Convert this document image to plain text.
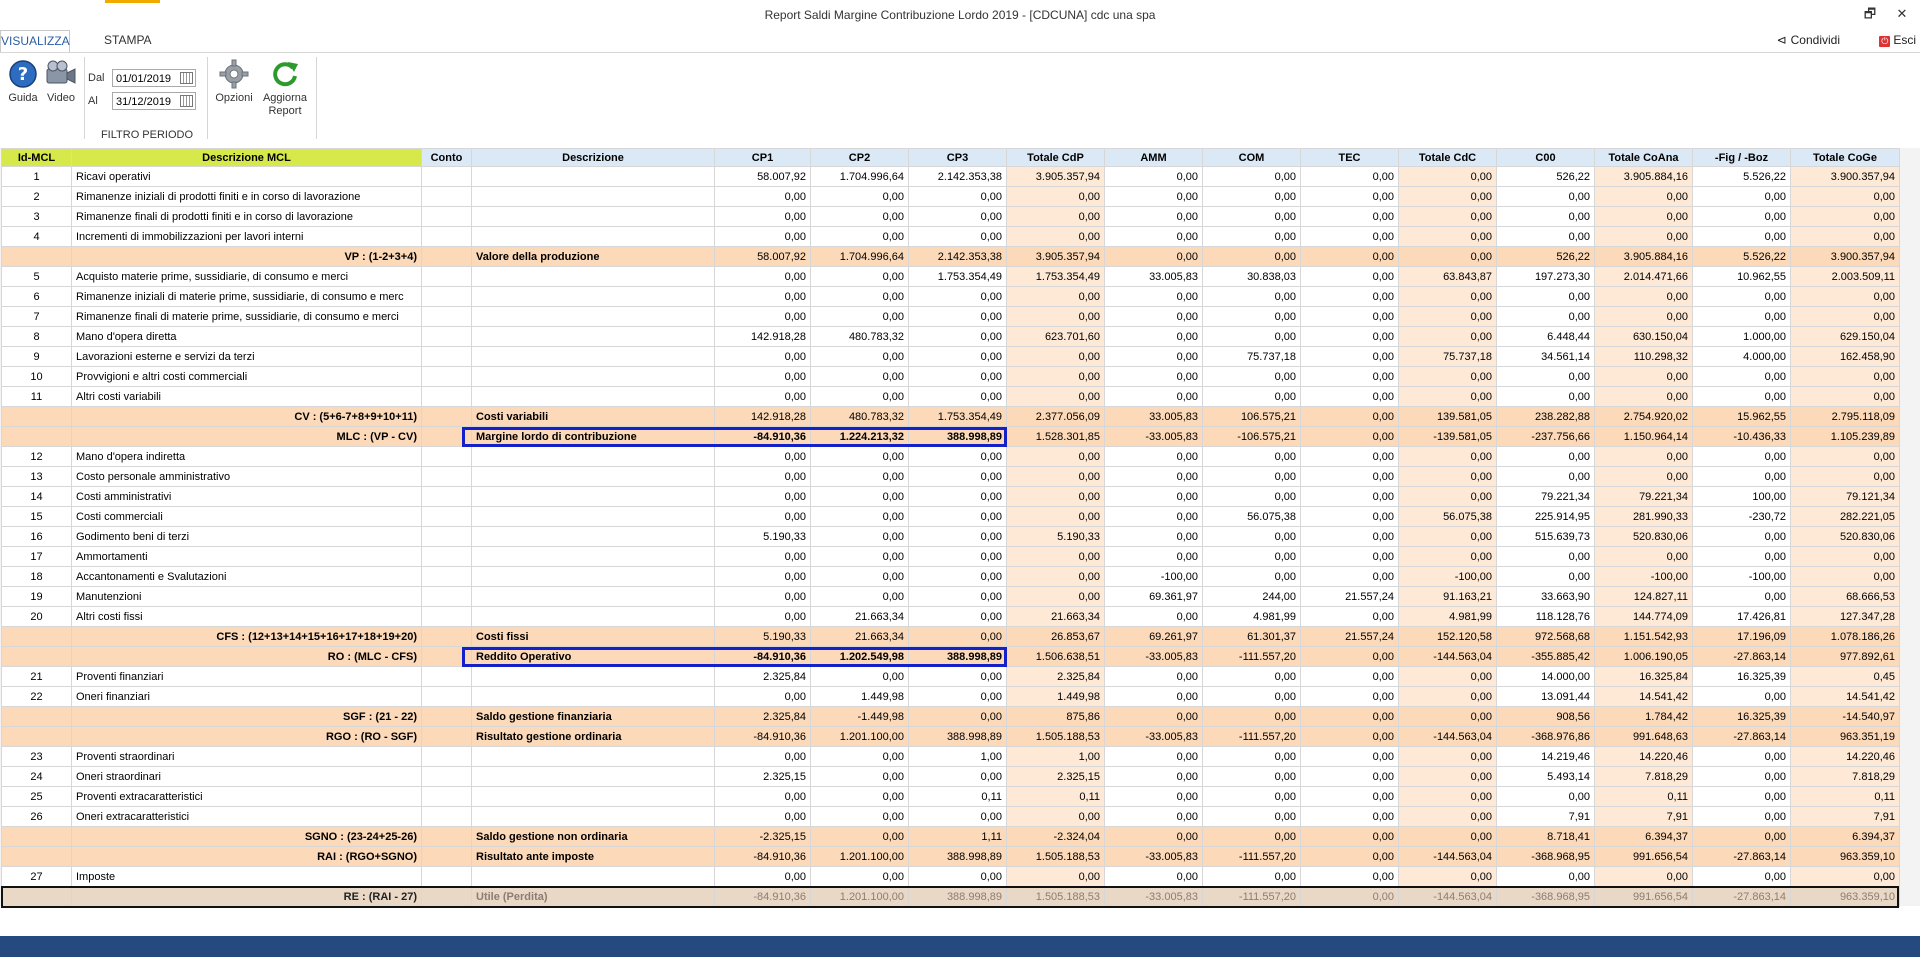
Report Saldi Margine Contribuzione Lordo 2019 - [CDCUNA] cdc una spa	🗗	✕
VISUALIZZA	STAMPA	⊲ Condividi	⏻ Esci
?
Guida Video
Dal	01/01/2019
Al	31/12/2019
FILTRO PERIODO
Opzioni Aggiorna
Report
Id-MCL	Descrizione MCL	Conto	Descrizione	CP1	CP2	CP3	Totale CdP	AMM	COM	TEC	Totale CdC	C00	Totale CoAna	-Fig / -Boz	Totale CoGe
1	Ricavi operativi			58.007,92	1.704.996,64	2.142.353,38	3.905.357,94	0,00	0,00	0,00	0,00	526,22	3.905.884,16	5.526,22	3.900.357,94
2	Rimanenze iniziali di prodotti finiti e in corso di lavorazione			0,00	0,00	0,00	0,00	0,00	0,00	0,00	0,00	0,00	0,00	0,00	0,00
3	Rimanenze finali di prodotti finiti e in corso di lavorazione			0,00	0,00	0,00	0,00	0,00	0,00	0,00	0,00	0,00	0,00	0,00	0,00
4	Incrementi di immobilizzazioni per lavori interni			0,00	0,00	0,00	0,00	0,00	0,00	0,00	0,00	0,00	0,00	0,00	0,00
	VP : (1-2+3+4)		Valore della produzione	58.007,92	1.704.996,64	2.142.353,38	3.905.357,94	0,00	0,00	0,00	0,00	526,22	3.905.884,16	5.526,22	3.900.357,94
5	Acquisto materie prime, sussidiarie, di consumo e merci			0,00	0,00	1.753.354,49	1.753.354,49	33.005,83	30.838,03	0,00	63.843,87	197.273,30	2.014.471,66	10.962,55	2.003.509,11
6	Rimanenze iniziali di materie prime, sussidiarie, di consumo e merc			0,00	0,00	0,00	0,00	0,00	0,00	0,00	0,00	0,00	0,00	0,00	0,00
7	Rimanenze finali di materie prime, sussidiarie, di consumo e merci			0,00	0,00	0,00	0,00	0,00	0,00	0,00	0,00	0,00	0,00	0,00	0,00
8	Mano d'opera diretta			142.918,28	480.783,32	0,00	623.701,60	0,00	0,00	0,00	0,00	6.448,44	630.150,04	1.000,00	629.150,04
9	Lavorazioni esterne e servizi da terzi			0,00	0,00	0,00	0,00	0,00	75.737,18	0,00	75.737,18	34.561,14	110.298,32	4.000,00	162.458,90
10	Provvigioni e altri costi commerciali			0,00	0,00	0,00	0,00	0,00	0,00	0,00	0,00	0,00	0,00	0,00	0,00
11	Altri costi variabili			0,00	0,00	0,00	0,00	0,00	0,00	0,00	0,00	0,00	0,00	0,00	0,00
	CV : (5+6-7+8+9+10+11)		Costi variabili	142.918,28	480.783,32	1.753.354,49	2.377.056,09	33.005,83	106.575,21	0,00	139.581,05	238.282,88	2.754.920,02	15.962,55	2.795.118,09
	MLC : (VP - CV)		Margine lordo di contribuzione	-84.910,36	1.224.213,32	388.998,89	1.528.301,85	-33.005,83	-106.575,21	0,00	-139.581,05	-237.756,66	1.150.964,14	-10.436,33	1.105.239,89
12	Mano d'opera indiretta			0,00	0,00	0,00	0,00	0,00	0,00	0,00	0,00	0,00	0,00	0,00	0,00
13	Costo personale amministrativo			0,00	0,00	0,00	0,00	0,00	0,00	0,00	0,00	0,00	0,00	0,00	0,00
14	Costi amministrativi			0,00	0,00	0,00	0,00	0,00	0,00	0,00	0,00	79.221,34	79.221,34	100,00	79.121,34
15	Costi commerciali			0,00	0,00	0,00	0,00	0,00	56.075,38	0,00	56.075,38	225.914,95	281.990,33	-230,72	282.221,05
16	Godimento beni di terzi			5.190,33	0,00	0,00	5.190,33	0,00	0,00	0,00	0,00	515.639,73	520.830,06	0,00	520.830,06
17	Ammortamenti			0,00	0,00	0,00	0,00	0,00	0,00	0,00	0,00	0,00	0,00	0,00	0,00
18	Accantonamenti e Svalutazioni			0,00	0,00	0,00	0,00	-100,00	0,00	0,00	-100,00	0,00	-100,00	-100,00	0,00
19	Manutenzioni			0,00	0,00	0,00	0,00	69.361,97	244,00	21.557,24	91.163,21	33.663,90	124.827,11	0,00	68.666,53
20	Altri costi fissi			0,00	21.663,34	0,00	21.663,34	0,00	4.981,99	0,00	4.981,99	118.128,76	144.774,09	17.426,81	127.347,28
	CFS : (12+13+14+15+16+17+18+19+20)		Costi fissi	5.190,33	21.663,34	0,00	26.853,67	69.261,97	61.301,37	21.557,24	152.120,58	972.568,68	1.151.542,93	17.196,09	1.078.186,26
	RO : (MLC - CFS)		Reddito Operativo	-84.910,36	1.202.549,98	388.998,89	1.506.638,51	-33.005,83	-111.557,20	0,00	-144.563,04	-355.885,42	1.006.190,05	-27.863,14	977.892,61
21	Proventi finanziari			2.325,84	0,00	0,00	2.325,84	0,00	0,00	0,00	0,00	14.000,00	16.325,84	16.325,39	0,45
22	Oneri finanziari			0,00	1.449,98	0,00	1.449,98	0,00	0,00	0,00	0,00	13.091,44	14.541,42	0,00	14.541,42
	SGF : (21 - 22)		Saldo gestione finanziaria	2.325,84	-1.449,98	0,00	875,86	0,00	0,00	0,00	0,00	908,56	1.784,42	16.325,39	-14.540,97
	RGO : (RO - SGF)		Risultato gestione ordinaria	-84.910,36	1.201.100,00	388.998,89	1.505.188,53	-33.005,83	-111.557,20	0,00	-144.563,04	-368.976,86	991.648,63	-27.863,14	963.351,19
23	Proventi straordinari			0,00	0,00	1,00	1,00	0,00	0,00	0,00	0,00	14.219,46	14.220,46	0,00	14.220,46
24	Oneri straordinari			2.325,15	0,00	0,00	2.325,15	0,00	0,00	0,00	0,00	5.493,14	7.818,29	0,00	7.818,29
25	Proventi extracaratteristici			0,00	0,00	0,11	0,11	0,00	0,00	0,00	0,00	0,00	0,11	0,00	0,11
26	Oneri extracaratteristici			0,00	0,00	0,00	0,00	0,00	0,00	0,00	0,00	7,91	7,91	0,00	7,91
	SGNO : (23-24+25-26)		Saldo gestione non ordinaria	-2.325,15	0,00	1,11	-2.324,04	0,00	0,00	0,00	0,00	8.718,41	6.394,37	0,00	6.394,37
	RAI : (RGO+SGNO)		Risultato ante imposte	-84.910,36	1.201.100,00	388.998,89	1.505.188,53	-33.005,83	-111.557,20	0,00	-144.563,04	-368.968,95	991.656,54	-27.863,14	963.359,10
27	Imposte			0,00	0,00	0,00	0,00	0,00	0,00	0,00	0,00	0,00	0,00	0,00	0,00
	RE : (RAI - 27)		Utile (Perdita)	-84.910,36	1.201.100,00	388.998,89	1.505.188,53	-33.005,83	-111.557,20	0,00	-144.563,04	-368.968,95	991.656,54	-27.863,14	963.359,10
